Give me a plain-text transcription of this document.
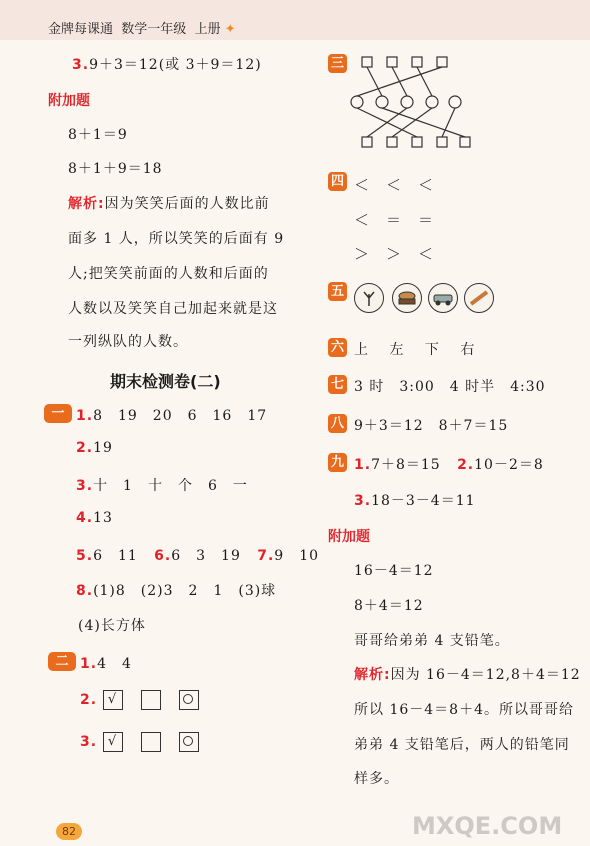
金牌每课通 数学一年级 上册 ✦
3.9＋3＝12(或 3＋9＝12)
附加题
8＋1＝9
8＋1＋9＝18
解析:因为笑笑后面的人数比前
面多 1 人，所以笑笑的后面有 9
人;把笑笑前面的人数和后面的
人数以及笑笑自己加起来就是这
一列纵队的人数。
期末检测卷(二)
一 1.8　19　20　6　16　17
2.19
3.十　1　十　个　6　一
4.13
5.6　11 6.6　3　19 7.9　10
8.(1)8　(2)3　2　1　(3)球
(4)长方体
二 1.4　4
2. √
3. √
三
四 ＜　＜　＜
＜　＝　＝
＞　＞　＜
五
六 上　 左　 下　 右
七 3 时　3:00　4 时半　4:30
八 9＋3＝12　8＋7＝15
九 1.7＋8＝15 2.10－2＝8
3.18－3－4＝11
附加题
16－4＝12
8＋4＝12
哥哥给弟弟 4 支铅笔。
解析:因为 16－4＝12,8＋4＝12
所以 16－4＝8＋4。所以哥哥给
弟弟 4 支铅笔后，两人的铅笔同
样多。
82	MXQE.COM
